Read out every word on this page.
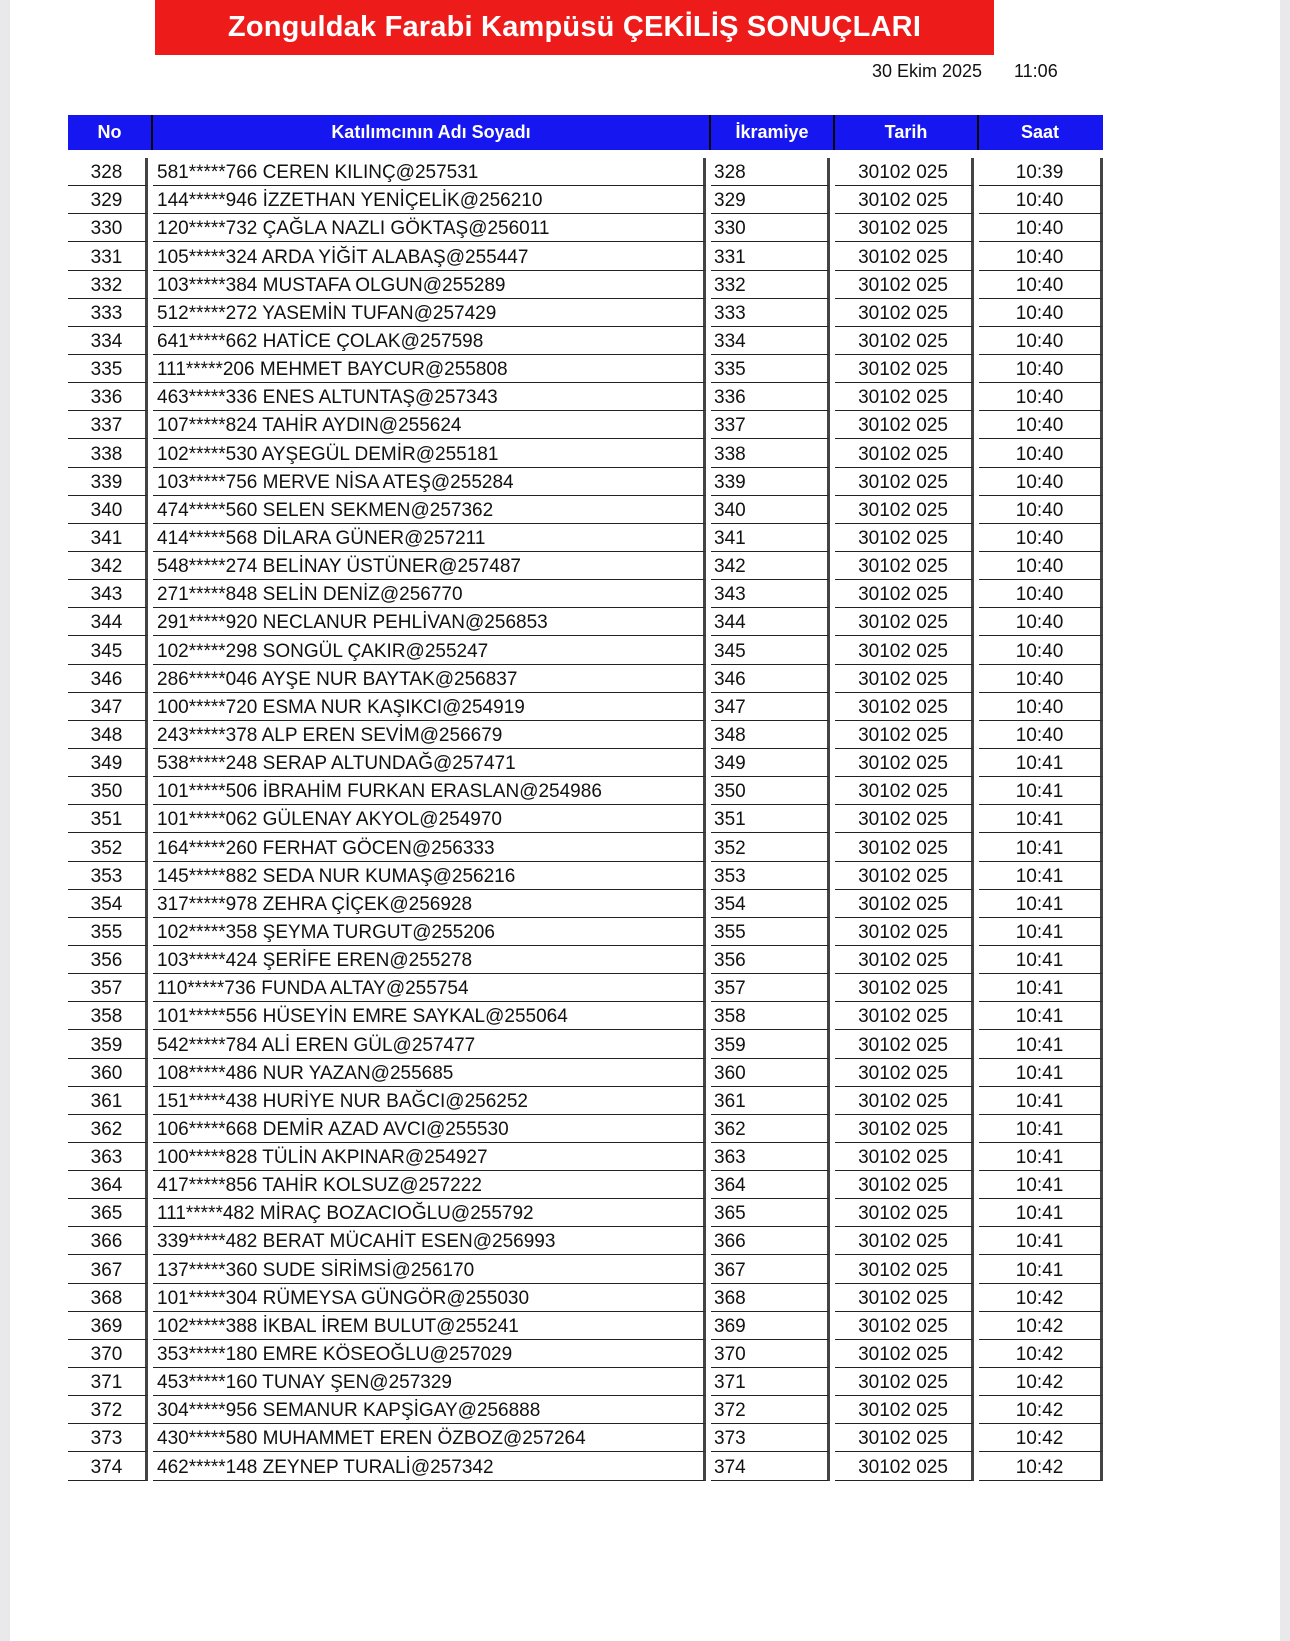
Zonguldak Farabi Kampüsü ÇEKİLİŞ SONUÇLARI
30 Ekim 2025 11:06
No	Katılımcının Adı Soyadı	İkramiye	Tarih	Saat
328	581*****766 CEREN KILINÇ@257531	328	30102 025	10:39
329	144*****946 İZZETHAN YENİÇELİK@256210	329	30102 025	10:40
330	120*****732 ÇAĞLA NAZLI GÖKTAŞ@256011	330	30102 025	10:40
331	105*****324 ARDA YİĞİT ALABAŞ@255447	331	30102 025	10:40
332	103*****384 MUSTAFA OLGUN@255289	332	30102 025	10:40
333	512*****272 YASEMİN TUFAN@257429	333	30102 025	10:40
334	641*****662 HATİCE ÇOLAK@257598	334	30102 025	10:40
335	111*****206 MEHMET BAYCUR@255808	335	30102 025	10:40
336	463*****336 ENES ALTUNTAŞ@257343	336	30102 025	10:40
337	107*****824 TAHİR AYDIN@255624	337	30102 025	10:40
338	102*****530 AYŞEGÜL DEMİR@255181	338	30102 025	10:40
339	103*****756 MERVE NİSA ATEŞ@255284	339	30102 025	10:40
340	474*****560 SELEN SEKMEN@257362	340	30102 025	10:40
341	414*****568 DİLARA GÜNER@257211	341	30102 025	10:40
342	548*****274 BELİNAY ÜSTÜNER@257487	342	30102 025	10:40
343	271*****848 SELİN DENİZ@256770	343	30102 025	10:40
344	291*****920 NECLANUR PEHLİVAN@256853	344	30102 025	10:40
345	102*****298 SONGÜL ÇAKIR@255247	345	30102 025	10:40
346	286*****046 AYŞE NUR BAYTAK@256837	346	30102 025	10:40
347	100*****720 ESMA NUR KAŞIKCI@254919	347	30102 025	10:40
348	243*****378 ALP EREN SEVİM@256679	348	30102 025	10:40
349	538*****248 SERAP ALTUNDAĞ@257471	349	30102 025	10:41
350	101*****506 İBRAHİM FURKAN ERASLAN@254986	350	30102 025	10:41
351	101*****062 GÜLENAY AKYOL@254970	351	30102 025	10:41
352	164*****260 FERHAT GÖCEN@256333	352	30102 025	10:41
353	145*****882 SEDA NUR KUMAŞ@256216	353	30102 025	10:41
354	317*****978 ZEHRA ÇİÇEK@256928	354	30102 025	10:41
355	102*****358 ŞEYMA TURGUT@255206	355	30102 025	10:41
356	103*****424 ŞERİFE EREN@255278	356	30102 025	10:41
357	110*****736 FUNDA ALTAY@255754	357	30102 025	10:41
358	101*****556 HÜSEYİN EMRE SAYKAL@255064	358	30102 025	10:41
359	542*****784 ALİ EREN GÜL@257477	359	30102 025	10:41
360	108*****486 NUR YAZAN@255685	360	30102 025	10:41
361	151*****438 HURİYE NUR BAĞCI@256252	361	30102 025	10:41
362	106*****668 DEMİR AZAD AVCI@255530	362	30102 025	10:41
363	100*****828 TÜLİN AKPINAR@254927	363	30102 025	10:41
364	417*****856 TAHİR KOLSUZ@257222	364	30102 025	10:41
365	111*****482 MİRAÇ BOZACIOĞLU@255792	365	30102 025	10:41
366	339*****482 BERAT MÜCAHİT ESEN@256993	366	30102 025	10:41
367	137*****360 SUDE SİRİMSİ@256170	367	30102 025	10:41
368	101*****304 RÜMEYSA GÜNGÖR@255030	368	30102 025	10:42
369	102*****388 İKBAL İREM BULUT@255241	369	30102 025	10:42
370	353*****180 EMRE KÖSEOĞLU@257029	370	30102 025	10:42
371	453*****160 TUNAY ŞEN@257329	371	30102 025	10:42
372	304*****956 SEMANUR KAPŞİGAY@256888	372	30102 025	10:42
373	430*****580 MUHAMMET EREN ÖZBOZ@257264	373	30102 025	10:42
374	462*****148 ZEYNEP TURALİ@257342	374	30102 025	10:42
